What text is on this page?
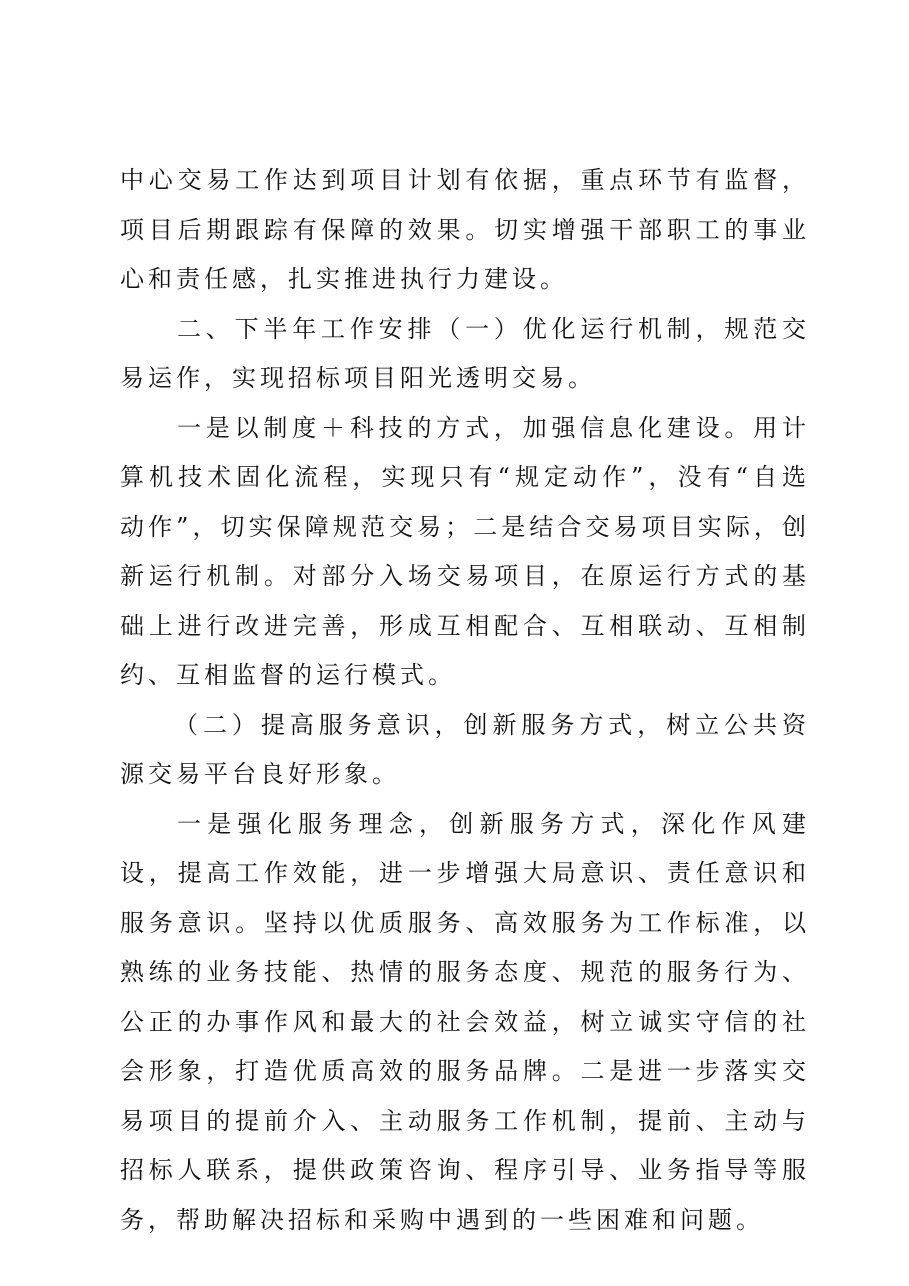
中心交易工作达到项目计划有依据，重点环节有监督，项目后期跟踪有保障的效果。切实增强干部职工的事业心和责任感，扎实推进执行力建设。

二、下半年工作安排（一）优化运行机制，规范交易运作，实现招标项目阳光透明交易。

一是以制度＋科技的方式，加强信息化建设。用计算机技术固化流程，实现只有“规定动作”，没有“自选动作”，切实保障规范交易；二是结合交易项目实际，创新运行机制。对部分入场交易项目，在原运行方式的基础上进行改进完善，形成互相配合、互相联动、互相制约、互相监督的运行模式。

（二）提高服务意识，创新服务方式，树立公共资源交易平台良好形象。

一是强化服务理念，创新服务方式，深化作风建设，提高工作效能，进一步增强大局意识、责任意识和服务意识。坚持以优质服务、高效服务为工作标准，以熟练的业务技能、热情的服务态度、规范的服务行为、公正的办事作风和最大的社会效益，树立诚实守信的社会形象，打造优质高效的服务品牌。二是进一步落实交易项目的提前介入、主动服务工作机制，提前、主动与招标人联系，提供政策咨询、程序引导、业务指导等服务，帮助解决招标和采购中遇到的一些困难和问题。
